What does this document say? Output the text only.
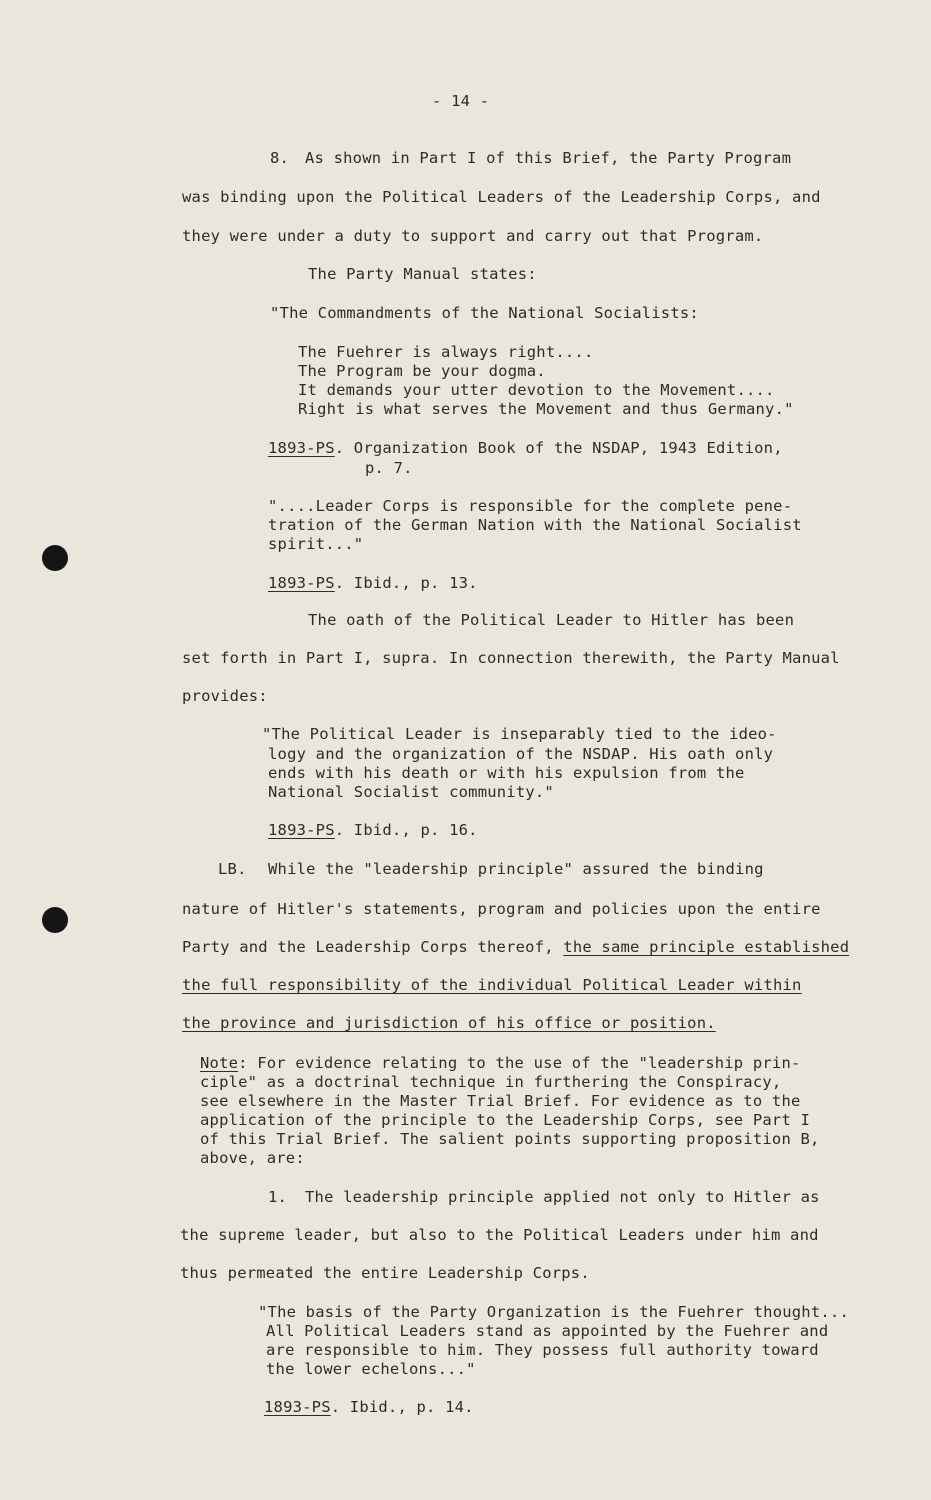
- 14 -
8. As shown in Part I of this Brief, the Party Program
was binding upon the Political Leaders of the Leadership Corps, and
they were under a duty to support and carry out that Program.
The Party Manual states:
"The Commandments of the National Socialists:
The Fuehrer is always right....
The Program be your dogma.
It demands your utter devotion to the Movement....
Right is what serves the Movement and thus Germany."
1893-PS. Organization Book of the NSDAP, 1943 Edition,
p. 7.
"....Leader Corps is responsible for the complete pene-
tration of the German Nation with the National Socialist
spirit..."
1893-PS. Ibid., p. 13.
The oath of the Political Leader to Hitler has been
set forth in Part I, supra. In connection therewith, the Party Manual
provides:
"The Political Leader is inseparably tied to the ideo-
logy and the organization of the NSDAP. His oath only
ends with his death or with his expulsion from the
National Socialist community."
1893-PS. Ibid., p. 16.
LB. While the "leadership principle" assured the binding
nature of Hitler's statements, program and policies upon the entire
Party and the Leadership Corps thereof, the same principle established
the full responsibility of the individual Political Leader within
the province and jurisdiction of his office or position.
Note: For evidence relating to the use of the "leadership prin-
ciple" as a doctrinal technique in furthering the Conspiracy,
see elsewhere in the Master Trial Brief. For evidence as to the
application of the principle to the Leadership Corps, see Part I
of this Trial Brief. The salient points supporting proposition B,
above, are:
1. The leadership principle applied not only to Hitler as
the supreme leader, but also to the Political Leaders under him and
thus permeated the entire Leadership Corps.
"The basis of the Party Organization is the Fuehrer thought...
All Political Leaders stand as appointed by the Fuehrer and
are responsible to him. They possess full authority toward
the lower echelons..."
1893-PS. Ibid., p. 14.
